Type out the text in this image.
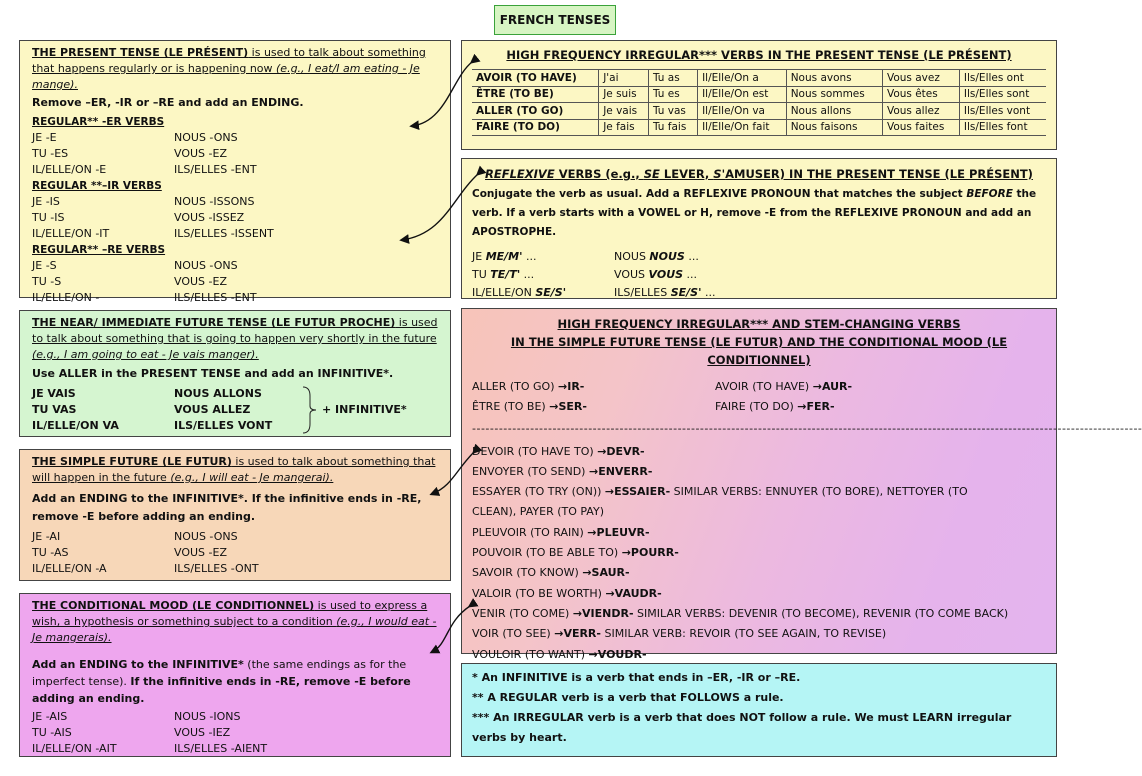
FRENCH TENSES

THE PRESENT TENSE (LE PRÉSENT) is used to talk about something that happens regularly or is happening now (e.g., I eat/I am eating - Je mange).

Remove –ER, -IR or –RE and add an ENDING.

REGULAR** -ER VERBS
JE -E	NOUS -ONS
TU -ES	VOUS -EZ
IL/ELLE/ON -E	ILS/ELLES -ENT
REGULAR **–IR VERBS
JE -IS	NOUS -ISSONS
TU -IS	VOUS -ISSEZ
IL/ELLE/ON -IT	ILS/ELLES -ISSENT
REGULAR** –RE VERBS
JE -S	NOUS -ONS
TU -S	VOUS -EZ
IL/ELLE/ON -	ILS/ELLES -ENT
HIGH FREQUENCY IRREGULAR*** VERBS IN THE PRESENT TENSE (LE PRÉSENT)
AVOIR (TO HAVE)	J'ai	Tu as	Il/Elle/On a	Nous avons	Vous avez	Ils/Elles ont
ÊTRE (TO BE)	Je suis	Tu es	Il/Elle/On est	Nous sommes	Vous êtes	Ils/Elles sont
ALLER (TO GO)	Je vais	Tu vas	Il/Elle/On va	Nous allons	Vous allez	Ils/Elles vont
FAIRE (TO DO)	Je fais	Tu fais	Il/Elle/On fait	Nous faisons	Vous faites	Ils/Elles font
REFLEXIVE VERBS (e.g., SE LEVER, S'AMUSER) IN THE PRESENT TENSE (LE PRÉSENT)

Conjugate the verb as usual. Add a REFLEXIVE PRONOUN that matches the subject BEFORE the verb. If a verb starts with a VOWEL or H, remove -E from the REFLEXIVE PRONOUN and add an APOSTROPHE.

JE ME/M' ...	NOUS NOUS ...
TU TE/T' ...	VOUS VOUS ...
IL/ELLE/ON SE/S'	ILS/ELLES SE/S' ...

THE NEAR/ IMMEDIATE FUTURE TENSE (LE FUTUR PROCHE) is used to talk about something that is going to happen very shortly in the future (e.g., I am going to eat - Je vais manger).

Use ALLER in the PRESENT TENSE and add an INFINITIVE*.

JE VAIS	NOUS ALLONS
TU VAS	VOUS ALLEZ
IL/ELLE/ON VA	ILS/ELLES VONT
+ INFINITIVE*

THE SIMPLE FUTURE (LE FUTUR) is used to talk about something that will happen in the future (e.g., I will eat - Je mangerai).

Add an ENDING to the INFINITIVE*. If the infinitive ends in -RE, remove -E before adding an ending.

JE -AI	NOUS -ONS
TU -AS	VOUS -EZ
IL/ELLE/ON -A	ILS/ELLES -ONT

THE CONDITIONAL MOOD (LE CONDITIONNEL) is used to express a wish, a hypothesis or something subject to a condition (e.g., I would eat - Je mangerais).

Add an ENDING to the INFINITIVE* (the same endings as for the imperfect tense). If the infinitive ends in -RE, remove -E before adding an ending.

JE -AIS	NOUS -IONS
TU -AIS	VOUS -IEZ
IL/ELLE/ON -AIT	ILS/ELLES -AIENT
HIGH FREQUENCY IRREGULAR*** AND STEM-CHANGING VERBS
IN THE SIMPLE FUTURE TENSE (LE FUTUR) AND THE CONDITIONAL MOOD (LE CONDITIONNEL)
ALLER (TO GO) →IR-	AVOIR (TO HAVE) →AUR-
ÊTRE (TO BE) →SER-	FAIRE (TO DO) →FER-
------------------------------------------------------------------------------------------------------------------------------------------------------
DEVOIR (TO HAVE TO) →DEVR-
ENVOYER (TO SEND) →ENVERR-
ESSAYER (TO TRY (ON)) →ESSAIER- SIMILAR VERBS: ENNUYER (TO BORE), NETTOYER (TO
CLEAN), PAYER (TO PAY)
PLEUVOIR (TO RAIN) →PLEUVR-
POUVOIR (TO BE ABLE TO) →POURR-
SAVOIR (TO KNOW) →SAUR-
VALOIR (TO BE WORTH) →VAUDR-
VENIR (TO COME) →VIENDR- SIMILAR VERBS: DEVENIR (TO BECOME), REVENIR (TO COME BACK)
VOIR (TO SEE) →VERR- SIMILAR VERB: REVOIR (TO SEE AGAIN, TO REVISE)
VOULOIR (TO WANT) →VOUDR-
* An INFINITIVE is a verb that ends in –ER, -IR or –RE.
** A REGULAR verb is a verb that FOLLOWS a rule.
*** An IRREGULAR verb is a verb that does NOT follow a rule. We must LEARN irregular verbs by heart.
